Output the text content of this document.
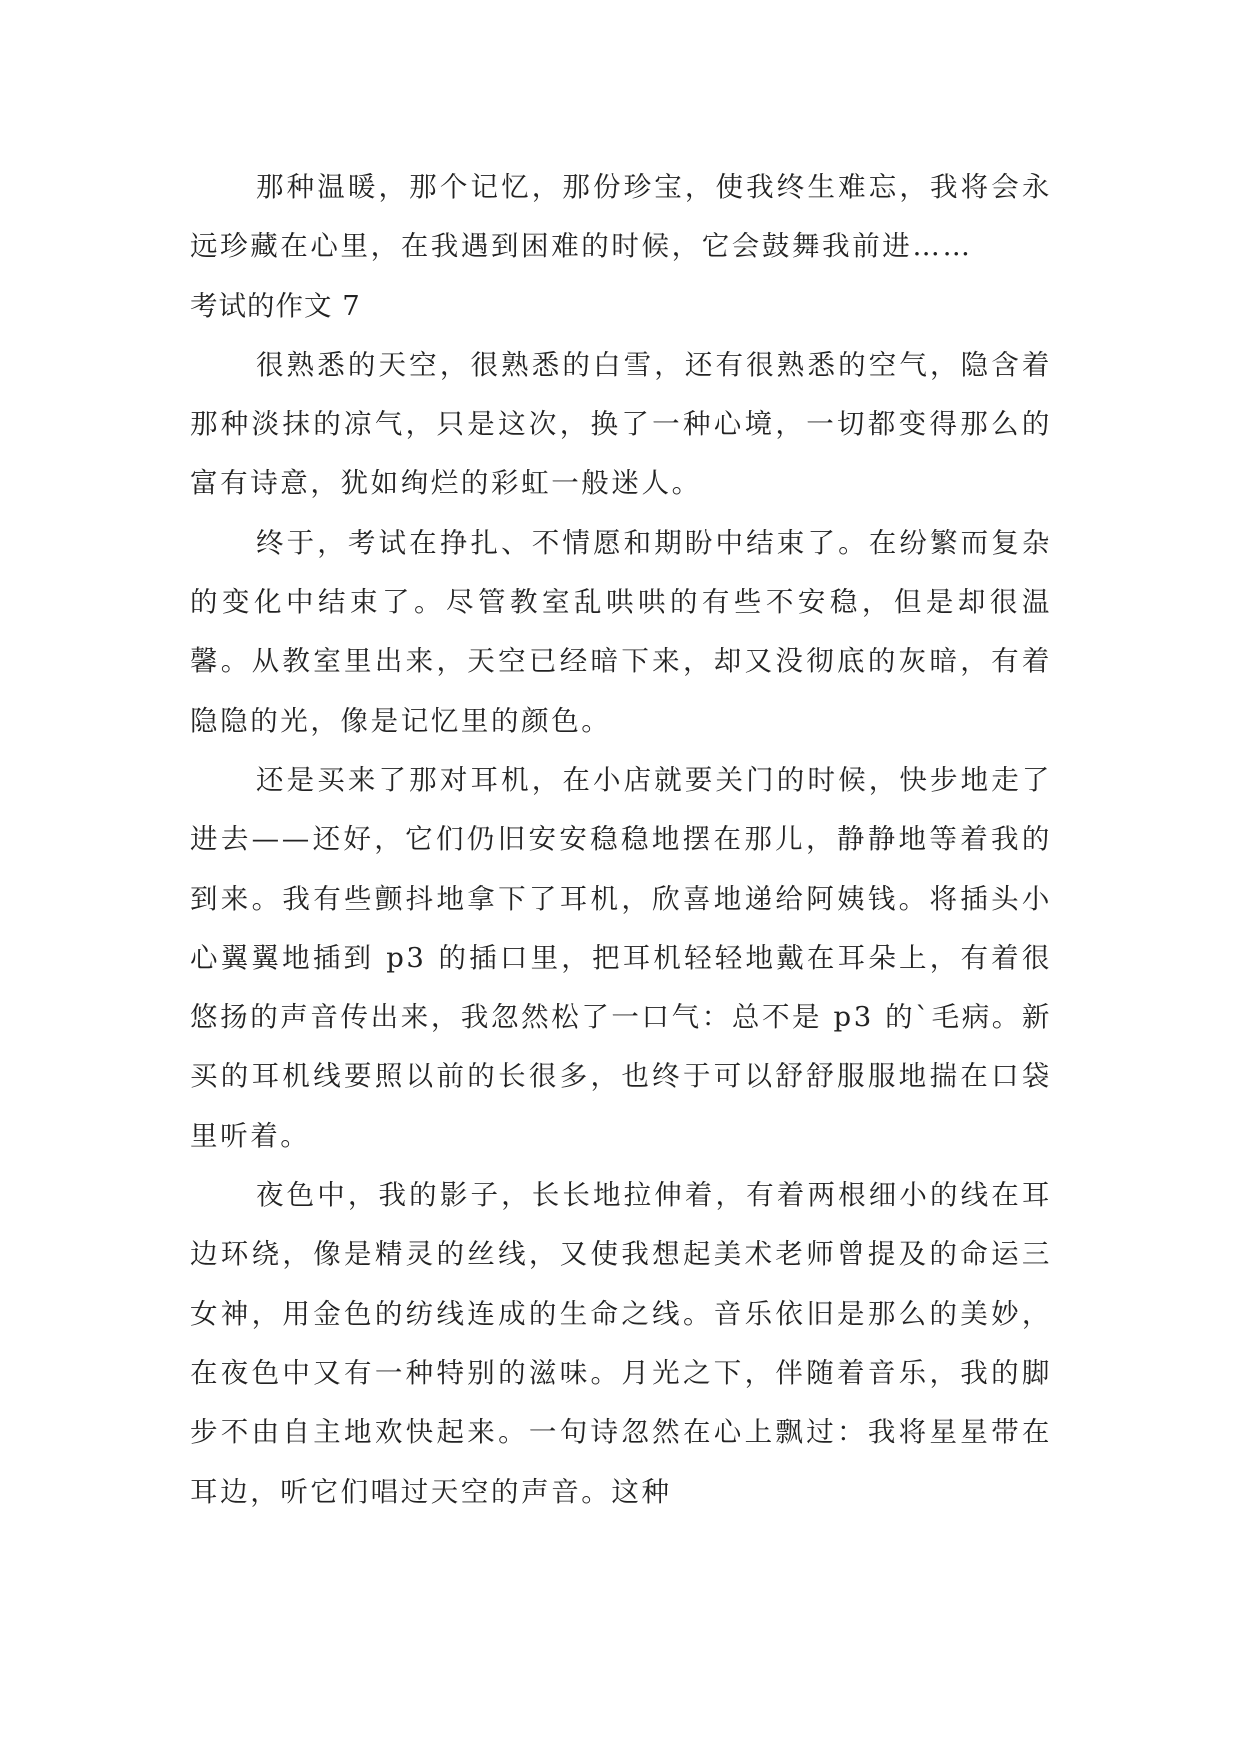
那种温暖，那个记忆，那份珍宝，使我终生难忘，我将会永远珍藏在心里，在我遇到困难的时候，它会鼓舞我前进……

考试的作文 7

很熟悉的天空，很熟悉的白雪，还有很熟悉的空气，隐含着那种淡抹的凉气，只是这次，换了一种心境，一切都变得那么的富有诗意，犹如绚烂的彩虹一般迷人。

终于，考试在挣扎、不情愿和期盼中结束了。在纷繁而复杂的变化中结束了。尽管教室乱哄哄的有些不安稳，但是却很温馨。从教室里出来，天空已经暗下来，却又没彻底的灰暗，有着隐隐的光，像是记忆里的颜色。

还是买来了那对耳机，在小店就要关门的时候，快步地走了进去——还好，它们仍旧安安稳稳地摆在那儿，静静地等着我的到来。我有些颤抖地拿下了耳机，欣喜地递给阿姨钱。将插头小心翼翼地插到 p3 的插口里，把耳机轻轻地戴在耳朵上，有着很悠扬的声音传出来，我忽然松了一口气：总不是 p3 的`毛病。新买的耳机线要照以前的长很多，也终于可以舒舒服服地揣在口袋里听着。

夜色中，我的影子，长长地拉伸着，有着两根细小的线在耳边环绕，像是精灵的丝线，又使我想起美术老师曾提及的命运三女神，用金色的纺线连成的生命之线。音乐依旧是那么的美妙，在夜色中又有一种特别的滋味。月光之下，伴随着音乐，我的脚步不由自主地欢快起来。一句诗忽然在心上飘过：我将星星带在耳边，听它们唱过天空的声音。这种
